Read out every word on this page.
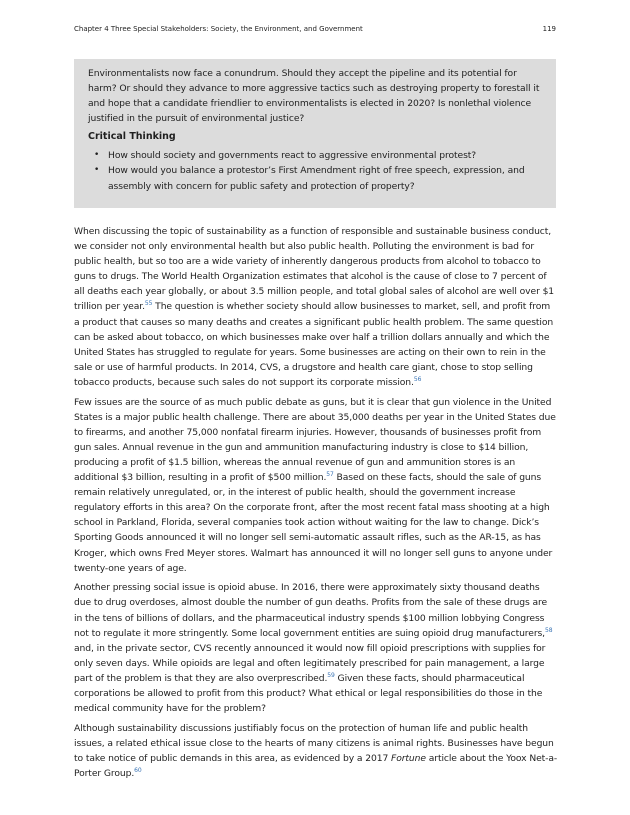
Chapter 4 Three Special Stakeholders: Society, the Environment, and Government	119

Environmentalists now face a conundrum. Should they accept the pipeline and its potential for harm? Or should they advance to more aggressive tactics such as destroying property to forestall it and hope that a candidate friendlier to environmentalists is elected in 2020? Is nonlethal violence justified in the pursuit of environmental justice?

Critical Thinking
• How should society and governments react to aggressive environmental protest?
• How would you balance a protestor’s First Amendment right of free speech, expression, and assembly with concern for public safety and protection of property?

When discussing the topic of sustainability as a function of responsible and sustainable business conduct, we consider not only environmental health but also public health. Polluting the environment is bad for public health, but so too are a wide variety of inherently dangerous products from alcohol to tobacco to guns to drugs. The World Health Organization estimates that alcohol is the cause of close to 7 percent of all deaths each year globally, or about 3.5 million people, and total global sales of alcohol are well over $1 trillion per year.$^{55}$ The question is whether society should allow businesses to market, sell, and profit from a product that causes so many deaths and creates a significant public health problem. The same question can be asked about tobacco, on which businesses make over half a trillion dollars annually and which the United States has struggled to regulate for years. Some businesses are acting on their own to rein in the sale or use of harmful products. In 2014, CVS, a drugstore and health care giant, chose to stop selling tobacco products, because such sales do not support its corporate mission.$^{56}$

Few issues are the source of as much public debate as guns, but it is clear that gun violence in the United States is a major public health challenge. There are about 35,000 deaths per year in the United States due to firearms, and another 75,000 nonfatal firearm injuries. However, thousands of businesses profit from gun sales. Annual revenue in the gun and ammunition manufacturing industry is close to $14 billion, producing a profit of $1.5 billion, whereas the annual revenue of gun and ammunition stores is an additional $3 billion, resulting in a profit of $500 million.$^{57}$ Based on these facts, should the sale of guns remain relatively unregulated, or, in the interest of public health, should the government increase regulatory efforts in this area? On the corporate front, after the most recent fatal mass shooting at a high school in Parkland, Florida, several companies took action without waiting for the law to change. Dick’s Sporting Goods announced it will no longer sell semi-automatic assault rifles, such as the AR-15, as has Kroger, which owns Fred Meyer stores. Walmart has announced it will no longer sell guns to anyone under twenty-one years of age.

Another pressing social issue is opioid abuse. In 2016, there were approximately sixty thousand deaths due to drug overdoses, almost double the number of gun deaths. Profits from the sale of these drugs are in the tens of billions of dollars, and the pharmaceutical industry spends $100 million lobbying Congress not to regulate it more stringently. Some local government entities are suing opioid drug manufacturers,$^{58}$ and, in the private sector, CVS recently announced it would now fill opioid prescriptions with supplies for only seven days. While opioids are legal and often legitimately prescribed for pain management, a large part of the problem is that they are also overprescribed.$^{59}$ Given these facts, should pharmaceutical corporations be allowed to profit from this product? What ethical or legal responsibilities do those in the medical community have for the problem?

Although sustainability discussions justifiably focus on the protection of human life and public health issues, a related ethical issue close to the hearts of many citizens is animal rights. Businesses have begun to take notice of public demands in this area, as evidenced by a 2017 Fortune article about the Yoox Net-a-Porter Group.$^{60}$
